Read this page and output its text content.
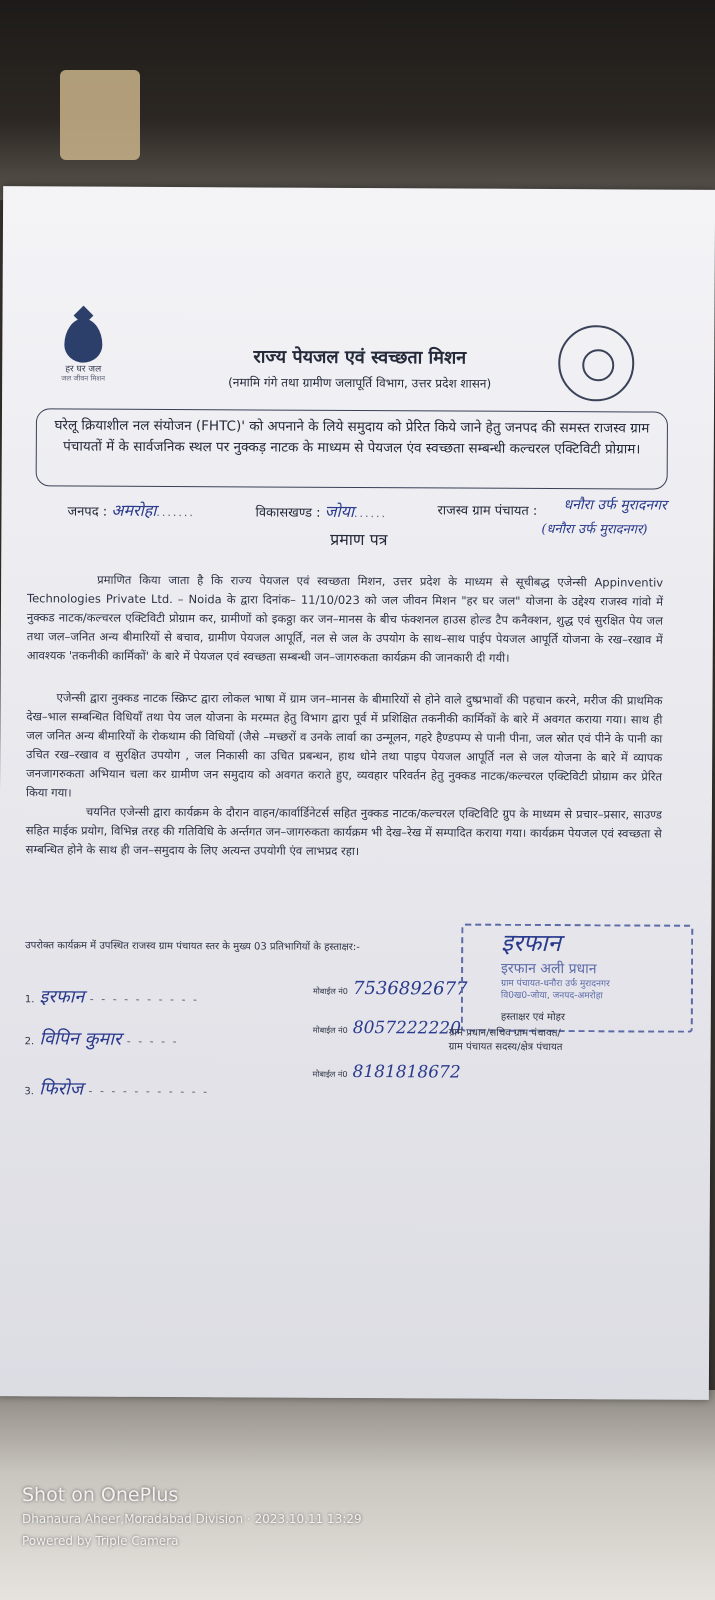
हर घर जल
जल जीवन मिशन
राज्य पेयजल एवं स्वच्छता मिशन
(नमामि गंगे तथा ग्रामीण जलापूर्ति विभाग, उत्तर प्रदेश शासन)
घरेलू क्रियाशील नल संयोजन (FHTC)' को अपनाने के लिये समुदाय को प्रेरित किये जाने हेतु जनपद की समस्त राजस्व ग्राम पंचायतों में के सार्वजनिक स्थल पर नुक्कड़ नाटक के माध्यम से पेयजल एंव स्वच्छता सम्बन्धी कल्चरल एक्टिविटी प्रोग्राम।
जनपद : अमरोहा.......	विकासखण्ड : जोया......	राजस्व ग्राम पंचायत : धनौरा उर्फ मुरादनगर
(धनौरा उर्फ मुरादनगर)
प्रमाण पत्र
प्रमाणित किया जाता है कि राज्य पेयजल एवं स्वच्छता मिशन, उत्तर प्रदेश के माध्यम से सूचीबद्ध एजेन्सी Appinventiv Technologies Private Ltd. – Noida के द्वारा दिनांक– 11/10/023 को जल जीवन मिशन "हर घर जल" योजना के उद्देश्य राजस्व गांवो में नुक्कड नाटक/कल्चरल एक्टिविटी प्रोग्राम कर, ग्रामीणों को इकठ्ठा कर जन–मानस के बीच फंक्शनल हाउस होल्ड टैप कनैक्शन, शुद्ध एवं सुरक्षित पेय जल तथा जल–जनित अन्य बीमारियों से बचाव, ग्रामीण पेयजल आपूर्ति, नल से जल के उपयोग के साथ–साथ पाईप पेयजल आपूर्ति योजना के रख–रखाव में आवश्यक 'तकनीकी कार्मिकों' के बारे में पेयजल एवं स्वच्छता सम्बन्धी जन–जागरुकता कार्यक्रम की जानकारी दी गयी।
एजेन्सी द्वारा नुक्कड नाटक स्क्रिप्ट द्वारा लोकल भाषा में ग्राम जन–मानस के बीमारियों से होने वाले दुष्प्रभावों की पहचान करने, मरीज की प्राथमिक देख–भाल सम्बन्धित विधियाँ तथा पेय जल योजना के मरम्मत हेतु विभाग द्वारा पूर्व में प्रशिक्षित तकनीकी कार्मिकों के बारे में अवगत कराया गया। साथ ही जल जनित अन्य बीमारियों के रोकथाम की विधियों (जैसे –मच्छरों व उनके लार्वा का उन्मूलन, गहरे हैण्डपम्प से पानी पीना, जल स्रोत एवं पीने के पानी का उचित रख–रखाव व सुरक्षित उपयोग , जल निकासी का उचित प्रबन्धन, हाथ धोने तथा पाइप पेयजल आपूर्ति नल से जल योजना के बारे में व्यापक जनजागरुकता अभियान चला कर ग्रामीण जन समुदाय को अवगत कराते हुए, व्यवहार परिवर्तन हेतु नुक्कड नाटक/कल्चरल एक्टिविटी प्रोग्राम कर प्रेरित किया गया।
चयनित एजेन्सी द्वारा कार्यक्रम के दौरान वाहन/कार्वार्डिनेटर्स सहित नुक्कड नाटक/कल्चरल एक्टिविटि ग्रुप के माध्यम से प्रचार–प्रसार, साउण्ड सहित माईक प्रयोग, विभिन्न तरह की गतिविधि के अर्न्तगत जन–जागरुकता कार्यक्रम भी देख–रेख में सम्पादित कराया गया। कार्यक्रम पेयजल एवं स्वच्छता से सम्बन्धित होने के साथ ही जन–समुदाय के लिए अत्यन्त उपयोगी एंव लाभप्रद रहा।
उपरोक्त कार्यक्रम में उपस्थित राजस्व ग्राम पंचायत स्तर के मुख्य 03 प्रतिभागियों के हस्ताक्षर:-
1. इरफान - - - - - - - - - -
मोबाईल नं0 7536892677
2. विपिन कुमार - - - - -
मोबाईल नं0 8057222220
3. फिरोज - - - - - - - - - - -
मोबाईल नं0 8181818672
इरफान
इरफान अली प्रधान
ग्राम पंचायत-धनौरा उर्फ मुरादनगर
वि0ख0-जोया, जनपद-अमरोहा
हस्ताक्षर एवं मोहर
ग्राम प्रधान/सचिव ग्राम पंचायत/
ग्राम पंचायत सदस्य/क्षेत्र पंचायत
Shot on OnePlus
Dhanaura Aheer,Moradabad Division · 2023.10.11 13:29
Powered by Triple Camera
